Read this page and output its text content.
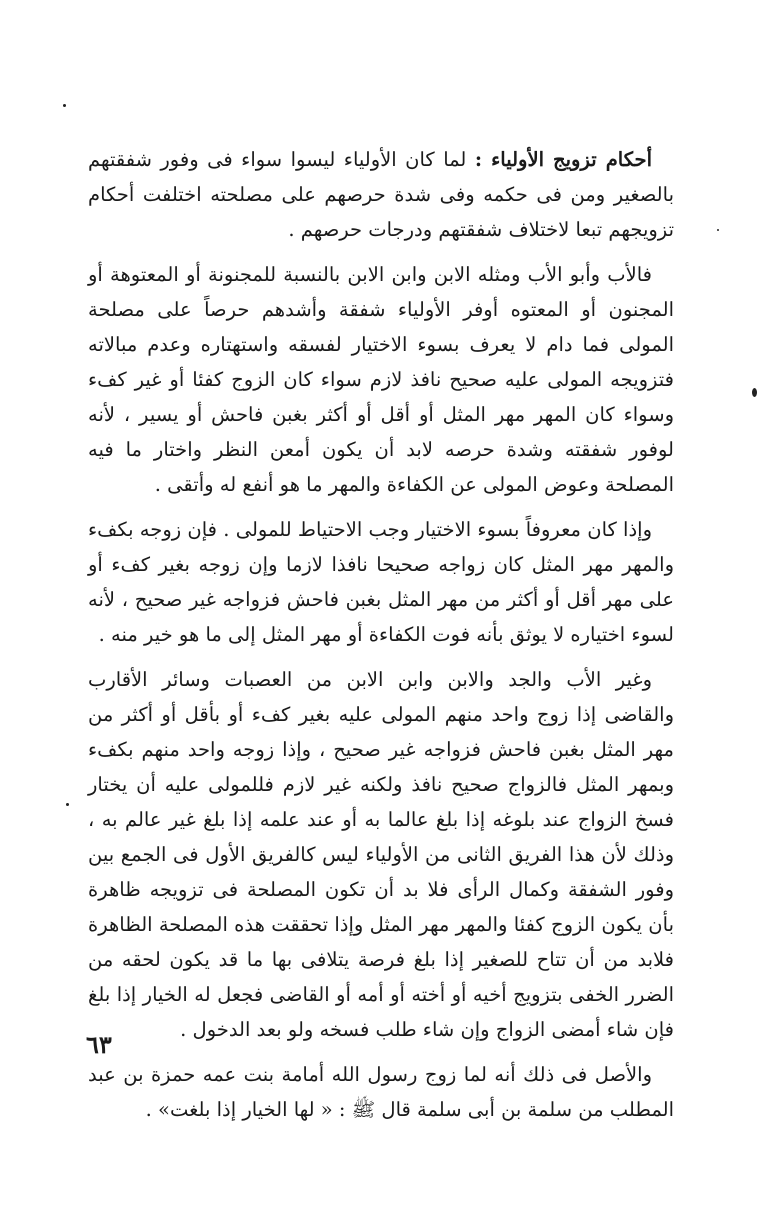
أحكام تزويج الأولياء : لما كان الأولياء ليسوا سواء فى وفور شفقتهم بالصغير ومن فى حكمه وفى شدة حرصهم على مصلحته اختلفت أحكام تزويجهم تبعا لاختلاف شفقتهم ودرجات حرصهم .

فالأب وأبو الأب ومثله الابن وابن الابن بالنسبة للمجنونة أو المعتوهة أو المجنون أو المعتوه أوفر الأولياء شفقة وأشدهم حرصاً على مصلحة المولى فما دام لا يعرف بسوء الاختيار لفسقه واستهتاره وعدم مبالاته فتزويجه المولى عليه صحيح نافذ لازم سواء كان الزوج كفئا أو غير كفء وسواء كان المهر مهر المثل أو أقل أو أكثر بغبن فاحش أو يسير ، لأنه لوفور شفقته وشدة حرصه لابد أن يكون أمعن النظر واختار ما فيه المصلحة وعوض المولى عن الكفاءة والمهر ما هو أنفع له وأتقى .

وإذا كان معروفاً بسوء الاختيار وجب الاحتياط للمولى . فإن زوجه بكفء والمهر مهر المثل كان زواجه صحيحا نافذا لازما وإن زوجه بغير كفء أو على مهر أقل أو أكثر من مهر المثل بغبن فاحش فزواجه غير صحيح ، لأنه لسوء اختياره لا يوثق بأنه فوت الكفاءة أو مهر المثل إلى ما هو خير منه .

وغير الأب والجد والابن وابن الابن من العصبات وسائر الأقارب والقاضى إذا زوج واحد منهم المولى عليه بغير كفء أو بأقل أو أكثر من مهر المثل بغبن فاحش فزواجه غير صحيح ، وإذا زوجه واحد منهم بكفء وبمهر المثل فالزواج صحيح نافذ ولكنه غير لازم فللمولى عليه أن يختار فسخ الزواج عند بلوغه إذا بلغ عالما به أو عند علمه إذا بلغ غير عالم به ، وذلك لأن هذا الفريق الثانى من الأولياء ليس كالفريق الأول فى الجمع بين وفور الشفقة وكمال الرأى فلا بد أن تكون المصلحة فى تزويجه ظاهرة بأن يكون الزوج كفئا والمهر مهر المثل وإذا تحققت هذه المصلحة الظاهرة فلابد من أن تتاح للصغير إذا بلغ فرصة يتلافى بها ما قد يكون لحقه من الضرر الخفى بتزويج أخيه أو أخته أو أمه أو القاضى فجعل له الخيار إذا بلغ فإن شاء أمضى الزواج وإن شاء طلب فسخه ولو بعد الدخول .

والأصل فى ذلك أنه لما زوج رسول الله أمامة بنت عمه حمزة بن عبد المطلب من سلمة بن أبى سلمة قال ﷺ : « لها الخيار إذا بلغت» .

٦٣
